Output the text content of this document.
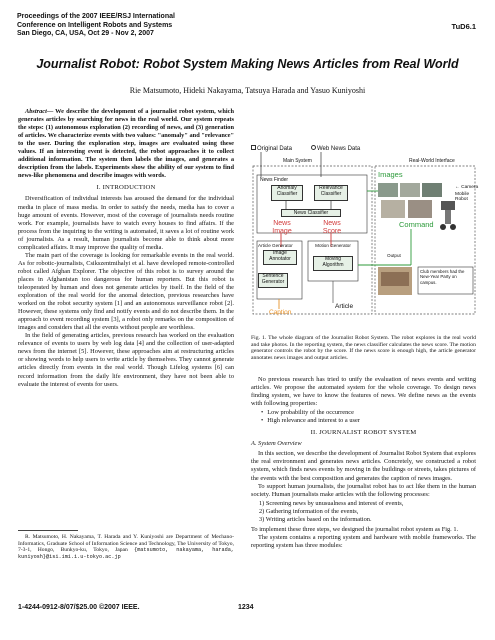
Proceedings of the 2007 IEEE/RSJ International
Conference on Intelligent Robots and Systems
San Diego, CA, USA, Oct 29 - Nov 2, 2007
TuD6.1
Journalist Robot: Robot System Making News Articles from Real World
Rie Matsumoto, Hideki Nakayama, Tatsuya Harada and Yasuo Kuniyoshi

Abstract— We describe the development of a journalist robot system, which generates articles by searching for news in the real world. Our system repeats the steps: (1) autonomous exploration (2) recording of news, and (3) generation of articles. We characterize events with two values: "anomaly" and "relevance" to the user. During the exploration step, images are evaluated using these values. If an interesting event is detected, the robot approaches it to collect additional information. The system then labels the images, and generates a description from the labels. Experiments show the ability of our system to find news-like phenomena and describe images with words.

I. INTRODUCTION

Diversification of individual interests has aroused the demand for the individual media in place of mass media. In order to satisfy the needs, media has to cover a huge amount of events. However, most of the coverage of journalists needs routine work. For example, journalists have to watch every houses to find affairs. If the process from the inquiring to the writing is automated, it saves a lot of routine work of journalists. As a result, human journalists become able to think about more complicated affairs. It may improve the quality of media.

The main part of the coverage is looking for remarkable events in the real world. As for robotic-journalists, Csikszentmihalyi et al. have developed remote-controlled robot called Afghan Explorer. The objective of this robot is to survey around the places in Afghanistan too dangerous for human reporters. But this robot is teleoperated by human and does not generate articles by itself. In the field of the exploration of the real world for the anomal detection, previous researches have worked on the robot security system [1] and an autonomous surveillance robot [2]. However, these systems only find and notify events and do not describe them. In the approach to event recording system [3], a robot only remarks on the composition of images and considers that all the events without people are worthless.

In the field of generating articles, previous research has worked on the evaluation relevance of events to users by web log data [4] and the collection of user-adapted news from the internet [5]. However, these approaches aim at restructuring articles or showing words to help users to write article by themselves. They cannot generate articles directly from events in the real world. Though Lifelog systems [6] can record information from the daily life environment, they have not been able to evaluate the interest of events for users.

R. Matsumoto, H. Nakayama, T. Harada and Y. Kuniyoshi are Department of Mechano-Informatics, Graduate School of Information Science and Technology, The University of Tokyo, 7-3-1, Hongo, Bunkyo-ku, Tokyo, Japan {matsumoto, nakayama, harada, kuniyosh}@isi.imi.i.u-tokyo.ac.jp
Original Data	Web News Data
Main System	Real-World Interface
News Finder
Anomaly Classifier
Relevance Classifier
News Classifier
News Image
News Score
Article Generator
Image Annotator
Sentence Generator
Motion Generator
Moving Algorithm
Caption
Article
Images
Command
Output
← Camera
Mobile Robot
Club members had the New-Year Party on campus.
Fig. 1. The whole diagram of the Journalist Robot System. The robot explores in the real world and take photos. In the reporting system, the news classifier calculates the news score. The motion generator controls the robot by the score. If the news score is enough high, the article generator annotates news images and output articles.

No previous research has tried to unify the evaluation of news events and writing articles. We propose the automated system for the whole coverage. To design news finding system, we have to know the features of news. We define news as the events with following properties:

• Low probability of the occurrence
• High relevance and interest to a user
II. JOURNALIST ROBOT SYSTEM
A. System Overview

In this section, we describe the development of Journalist Robot System that explores the real environment and generates news articles. Concretely, we constructed a robot system, which finds news events by moving in the buildings or streets, takes pictures of the events with the best composition and generates the caption of news images.

To support human journalists, the journalist robot has to act like them in the human society. Human journalists make articles with the following processes:

1) Screening news by unusualness and interest of events,
2) Gathering information of the events,
3) Writing articles based on the information.

To implement these three steps, we designed the journalist robot system as Fig. 1.

The system contains a reporting system and hardware with mobile frameworks. The reporting system has three modules:

1-4244-0912-8/07/$25.00 ©2007 IEEE.	1234
